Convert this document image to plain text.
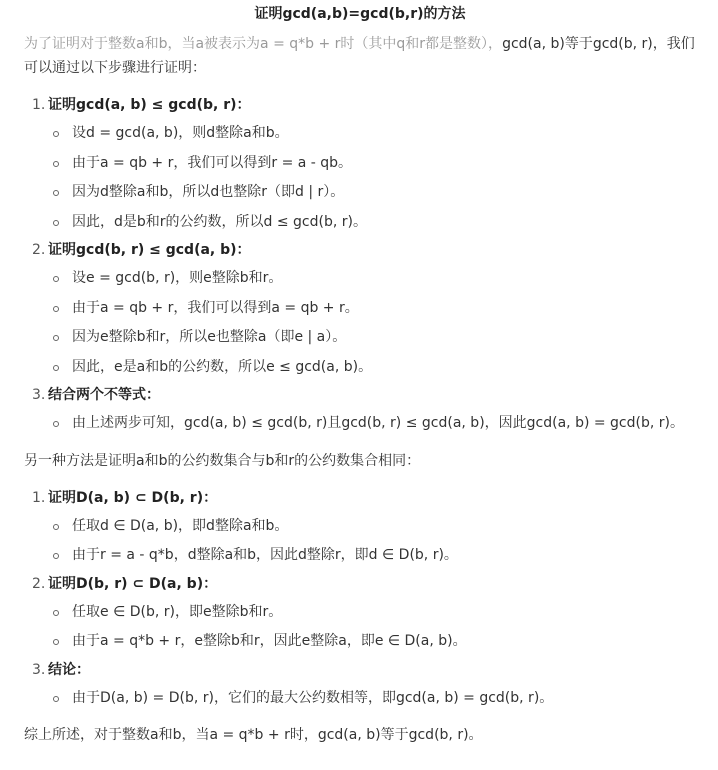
证明gcd(a,b)=gcd(b,r)的方法
为了证明对于整数a和b，当a被表示为a = q*b + r时（其中q和r都是整数），gcd(a, b)等于gcd(b, r)，我们可以通过以下步骤进行证明：
1. 证明gcd(a, b) ≤ gcd(b, r)：
设d = gcd(a, b)，则d整除a和b。
由于a = qb + r，我们可以得到r = a - qb。
因为d整除a和b，所以d也整除r（即d | r）。
因此，d是b和r的公约数，所以d ≤ gcd(b, r)。
2. 证明gcd(b, r) ≤ gcd(a, b)：
设e = gcd(b, r)，则e整除b和r。
由于a = qb + r，我们可以得到a = qb + r。
因为e整除b和r，所以e也整除a（即e | a）。
因此，e是a和b的公约数，所以e ≤ gcd(a, b)。
3. 结合两个不等式：
由上述两步可知，gcd(a, b) ≤ gcd(b, r)且gcd(b, r) ≤ gcd(a, b)，因此gcd(a, b) = gcd(b, r)。
另一种方法是证明a和b的公约数集合与b和r的公约数集合相同：
1. 证明D(a, b) ⊂ D(b, r)：
任取d ∈ D(a, b)，即d整除a和b。
由于r = a - q*b，d整除a和b，因此d整除r，即d ∈ D(b, r)。
2. 证明D(b, r) ⊂ D(a, b)：
任取e ∈ D(b, r)，即e整除b和r。
由于a = q*b + r，e整除b和r，因此e整除a，即e ∈ D(a, b)。
3. 结论：
由于D(a, b) = D(b, r)，它们的最大公约数相等，即gcd(a, b) = gcd(b, r)。
综上所述，对于整数a和b，当a = q*b + r时，gcd(a, b)等于gcd(b, r)。
